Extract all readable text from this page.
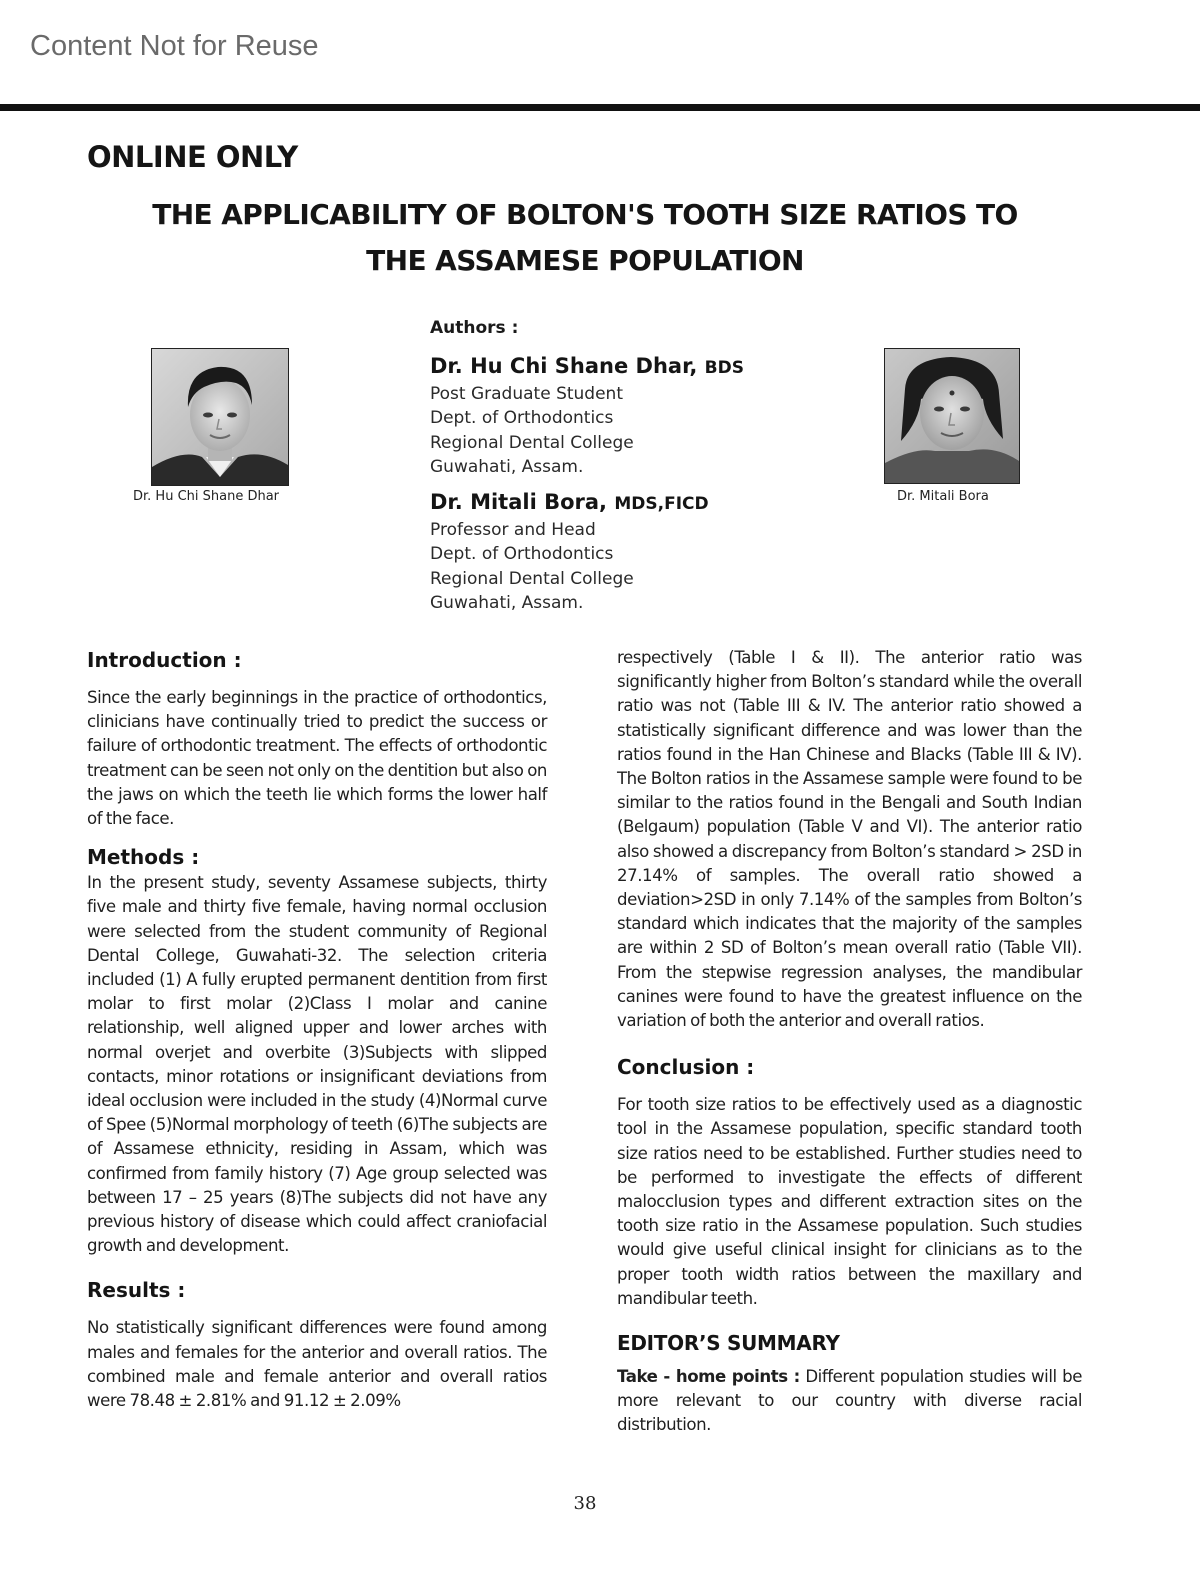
Content Not for Reuse
ONLINE ONLY
THE APPLICABILITY OF BOLTON'S TOOTH SIZE RATIOS TO
THE ASSAMESE POPULATION
Dr. Hu Chi Shane Dhar	Dr. Mitali Bora
Authors :
Dr. Hu Chi Shane Dhar, BDS
Post Graduate Student
Dept. of Orthodontics
Regional Dental College
Guwahati, Assam.
Dr. Mitali Bora, MDS,FICD
Professor and Head
Dept. of Orthodontics
Regional Dental College
Guwahati, Assam.
Introduction :
Since the early beginnings in the practice of orthodontics, clinicians have continually tried to predict the success or failure of orthodontic treatment. The effects of orthodontic treatment can be seen not only on the dentition but also on the jaws on which the teeth lie which forms the lower half of the face.
Methods :
In the present study, seventy Assamese subjects, thirty five male and thirty five female, having normal occlusion were selected from the student community of Regional Dental College, Guwahati-32. The selection criteria included (1) A fully erupted permanent dentition from first molar to first molar (2)Class I molar and canine relationship, well aligned upper and lower arches with normal overjet and overbite (3)Subjects with slipped contacts, minor rotations or insignificant deviations from ideal occlusion were included in the study (4)Normal curve of Spee (5)Normal morphology of teeth (6)The subjects are of Assamese ethnicity, residing in Assam, which was confirmed from family history (7) Age group selected was between 17 – 25 years (8)The subjects did not have any previous history of disease which could affect craniofacial growth and development.
Results :
No statistically significant differences were found among males and females for the anterior and overall ratios. The combined male and female anterior and overall ratios were 78.48 ± 2.81% and 91.12 ± 2.09%
respectively (Table I & II). The anterior ratio was significantly higher from Bolton’s standard while the overall ratio was not (Table III & IV. The anterior ratio showed a statistically significant difference and was lower than the ratios found in the Han Chinese and Blacks (Table III & IV). The Bolton ratios in the Assamese sample were found to be similar to the ratios found in the Bengali and South Indian (Belgaum) population (Table V and VI). The anterior ratio also showed a discrepancy from Bolton’s standard > 2SD in 27.14% of samples. The overall ratio showed a deviation>2SD in only 7.14% of the samples from Bolton’s standard which indicates that the majority of the samples are within 2 SD of Bolton’s mean overall ratio (Table VII). From the stepwise regression analyses, the mandibular canines were found to have the greatest influence on the variation of both the anterior and overall ratios.
Conclusion :
For tooth size ratios to be effectively used as a diagnostic tool in the Assamese population, specific standard tooth size ratios need to be established. Further studies need to be performed to investigate the effects of different malocclusion types and different extraction sites on the tooth size ratio in the Assamese population. Such studies would give useful clinical insight for clinicians as to the proper tooth width ratios between the maxillary and mandibular teeth.
EDITOR’S SUMMARY
Take - home points : Different population studies will be more relevant to our country with diverse racial distribution.
38
